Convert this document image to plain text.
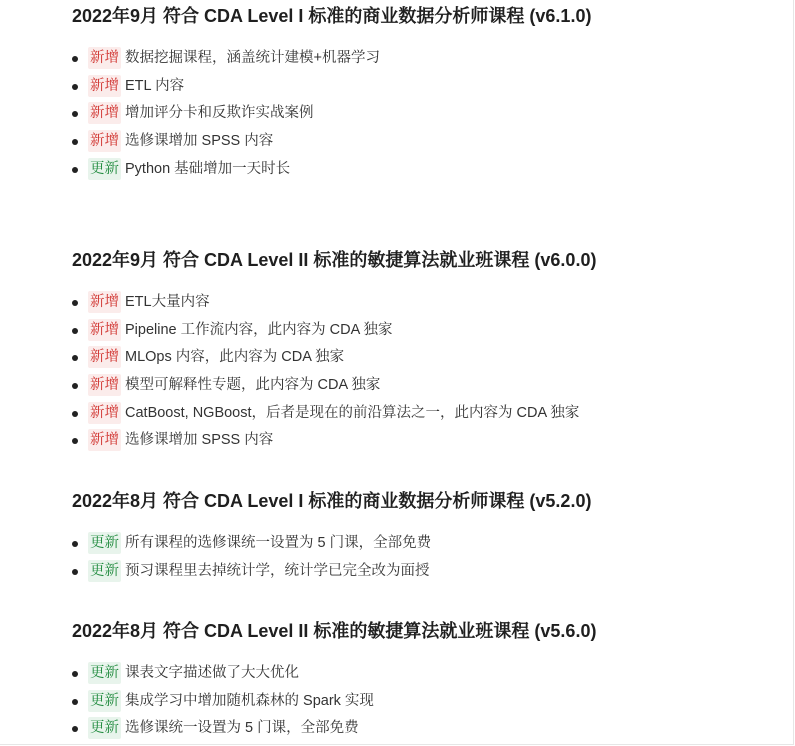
2022年9月 符合 CDA Level I 标准的商业数据分析师课程 (v6.1.0)
新增 数据挖掘课程，涵盖统计建模+机器学习
新增 ETL 内容
新增 增加评分卡和反欺诈实战案例
新增 选修课增加 SPSS 内容
更新 Python 基础增加一天时长
2022年9月 符合 CDA Level II 标准的敏捷算法就业班课程 (v6.0.0)
新增 ETL大量内容
新增 Pipeline 工作流内容，此内容为 CDA 独家
新增 MLOps 内容，此内容为 CDA 独家
新增 模型可解释性专题，此内容为 CDA 独家
新增 CatBoost, NGBoost，后者是现在的前沿算法之一，此内容为 CDA 独家
新增 选修课增加 SPSS 内容
2022年8月 符合 CDA Level I 标准的商业数据分析师课程 (v5.2.0)
更新 所有课程的选修课统一设置为 5 门课，全部免费
更新 预习课程里去掉统计学，统计学已完全改为面授
2022年8月 符合 CDA Level II 标准的敏捷算法就业班课程 (v5.6.0)
更新 课表文字描述做了大大优化
更新 集成学习中增加随机森林的 Spark 实现
更新 选修课统一设置为 5 门课，全部免费
